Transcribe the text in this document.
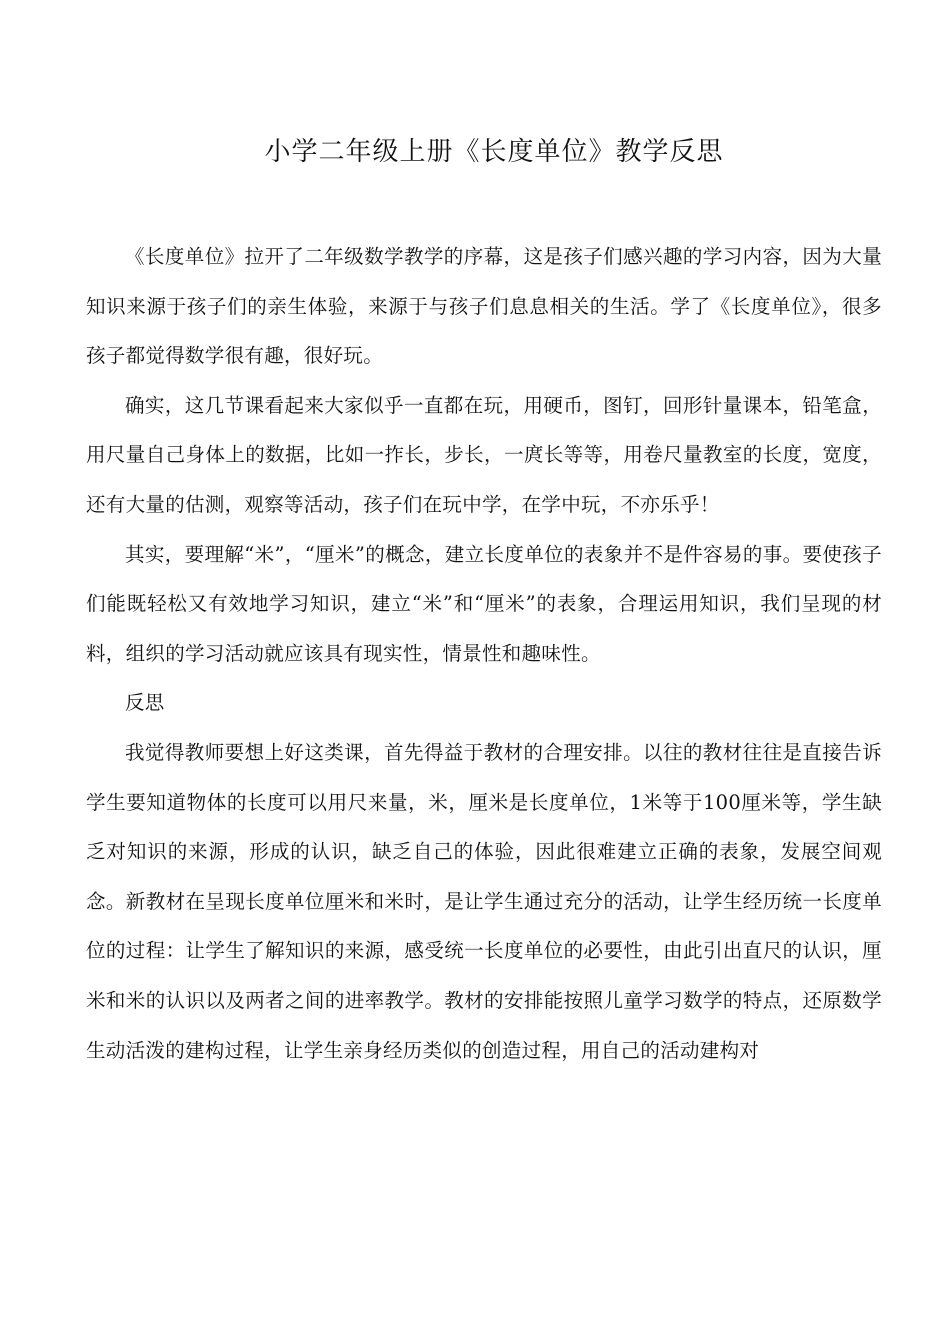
小学二年级上册《长度单位》教学反思

《长度单位》拉开了二年级数学教学的序幕，这是孩子们感兴趣的学习内容，因为大量知识来源于孩子们的亲生体验，来源于与孩子们息息相关的生活。学了《长度单位》，很多孩子都觉得数学很有趣，很好玩。

确实，这几节课看起来大家似乎一直都在玩，用硬币，图钉，回形针量课本，铅笔盒，用尺量自己身体上的数据，比如一拃长，步长，一庹长等等，用卷尺量教室的长度，宽度，还有大量的估测，观察等活动，孩子们在玩中学，在学中玩，不亦乐乎！

其实，要理解“米”，“厘米”的概念，建立长度单位的表象并不是件容易的事。要使孩子们能既轻松又有效地学习知识，建立“米”和“厘米”的表象，合理运用知识，我们呈现的材料，组织的学习活动就应该具有现实性，情景性和趣味性。

反思

我觉得教师要想上好这类课，首先得益于教材的合理安排。以往的教材往往是直接告诉学生要知道物体的长度可以用尺来量，米，厘米是长度单位，1米等于100厘米等，学生缺乏对知识的来源，形成的认识，缺乏自己的体验，因此很难建立正确的表象，发展空间观念。新教材在呈现长度单位厘米和米时，是让学生通过充分的活动，让学生经历统一长度单位的过程：让学生了解知识的来源，感受统一长度单位的必要性，由此引出直尺的认识，厘米和米的认识以及两者之间的进率教学。教材的安排能按照儿童学习数学的特点，还原数学生动活泼的建构过程，让学生亲身经历类似的创造过程，用自己的活动建构对
